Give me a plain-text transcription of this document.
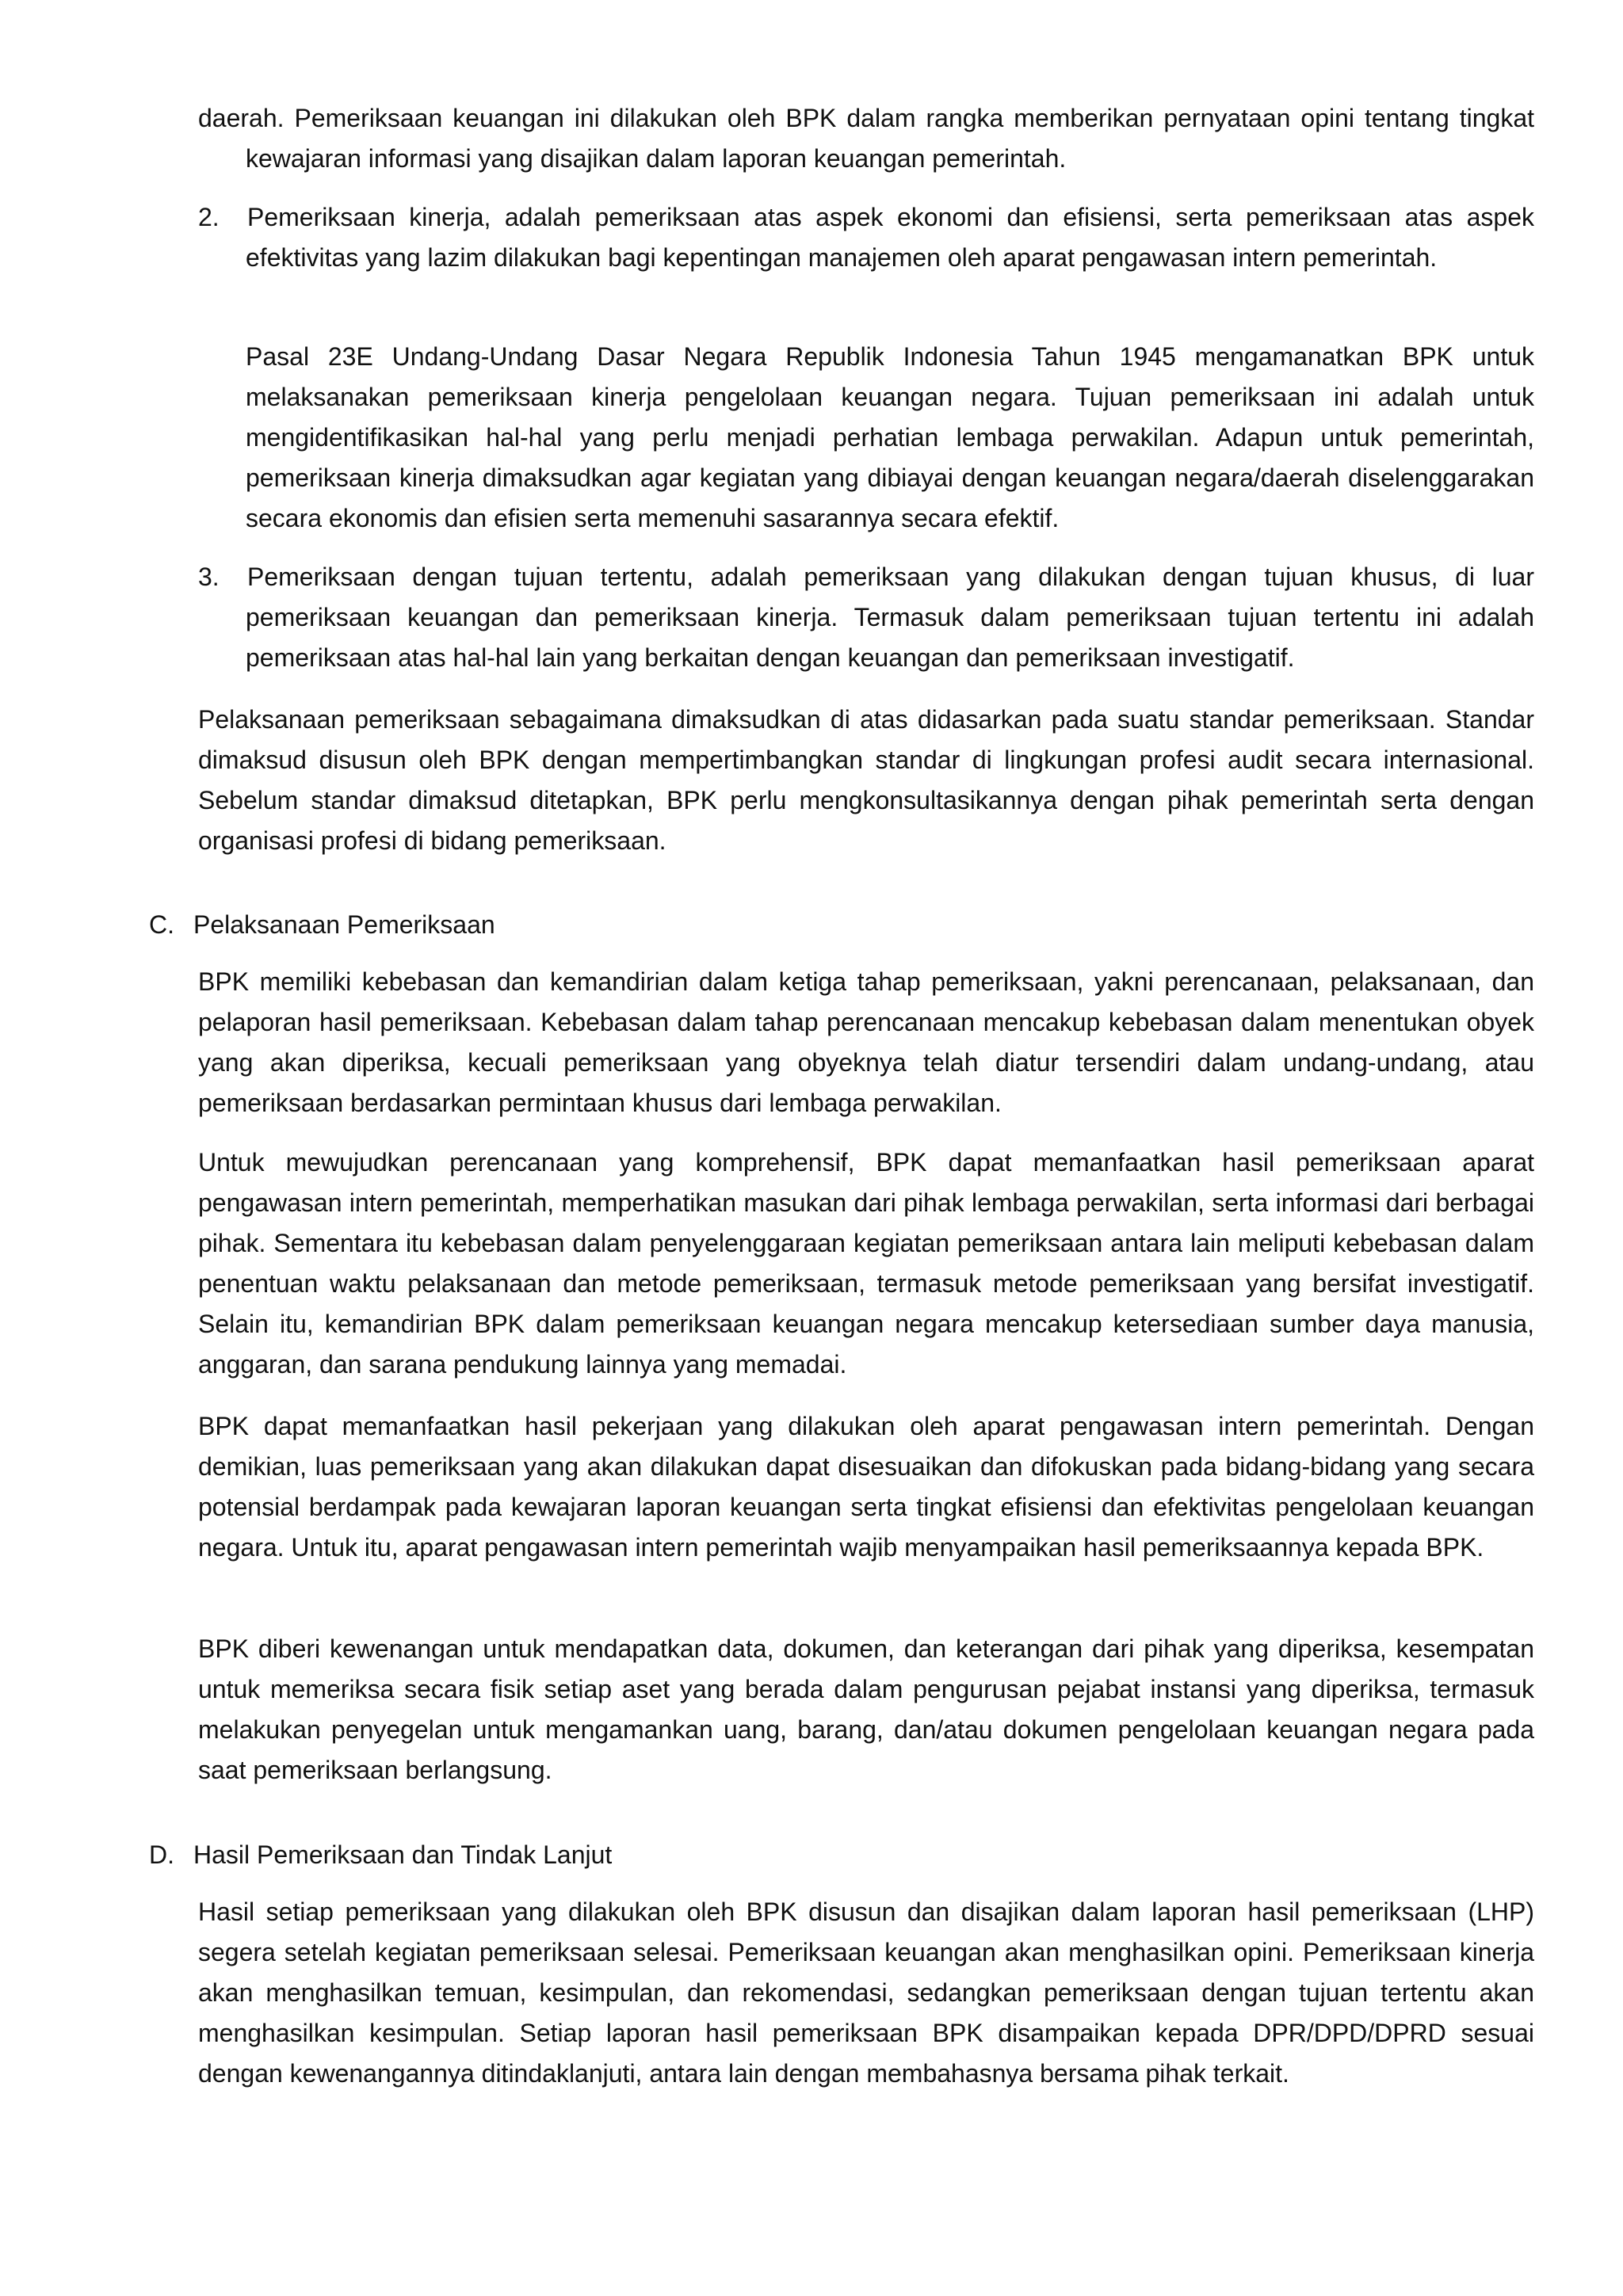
daerah. Pemeriksaan keuangan ini dilakukan oleh BPK dalam rangka memberikan pernyataan opini tentang tingkat kewajaran informasi yang disajikan dalam laporan keuangan pemerintah.

2. Pemeriksaan kinerja, adalah pemeriksaan atas aspek ekonomi dan efisiensi, serta pemeriksaan atas aspek efektivitas yang lazim dilakukan bagi kepentingan manajemen oleh aparat pengawasan intern pemerintah.

Pasal 23E Undang-Undang Dasar Negara Republik Indonesia Tahun 1945 mengamanatkan BPK untuk melaksanakan pemeriksaan kinerja pengelolaan keuangan negara. Tujuan pemeriksaan ini adalah untuk mengidentifikasikan hal-hal yang perlu menjadi perhatian lembaga perwakilan. Adapun untuk pemerintah, pemeriksaan kinerja dimaksudkan agar kegiatan yang dibiayai dengan keuangan negara/daerah diselenggarakan secara ekonomis dan efisien serta memenuhi sasarannya secara efektif.

3. Pemeriksaan dengan tujuan tertentu, adalah pemeriksaan yang dilakukan dengan tujuan khusus, di luar pemeriksaan keuangan dan pemeriksaan kinerja. Termasuk dalam pemeriksaan tujuan tertentu ini adalah pemeriksaan atas hal-hal lain yang berkaitan dengan keuangan dan pemeriksaan investigatif.

Pelaksanaan pemeriksaan sebagaimana dimaksudkan di atas didasarkan pada suatu standar pemeriksaan. Standar dimaksud disusun oleh BPK dengan mempertimbangkan standar di lingkungan profesi audit secara internasional. Sebelum standar dimaksud ditetapkan, BPK perlu mengkonsultasikannya dengan pihak pemerintah serta dengan organisasi profesi di bidang pemeriksaan.

C. Pelaksanaan Pemeriksaan

BPK memiliki kebebasan dan kemandirian dalam ketiga tahap pemeriksaan, yakni perencanaan, pelaksanaan, dan pelaporan hasil pemeriksaan. Kebebasan dalam tahap perencanaan mencakup kebebasan dalam menentukan obyek yang akan diperiksa, kecuali pemeriksaan yang obyeknya telah diatur tersendiri dalam undang-undang, atau pemeriksaan berdasarkan permintaan khusus dari lembaga perwakilan.

Untuk mewujudkan perencanaan yang komprehensif, BPK dapat memanfaatkan hasil pemeriksaan aparat pengawasan intern pemerintah, memperhatikan masukan dari pihak lembaga perwakilan, serta informasi dari berbagai pihak. Sementara itu kebebasan dalam penyelenggaraan kegiatan pemeriksaan antara lain meliputi kebebasan dalam penentuan waktu pelaksanaan dan metode pemeriksaan, termasuk metode pemeriksaan yang bersifat investigatif. Selain itu, kemandirian BPK dalam pemeriksaan keuangan negara mencakup ketersediaan sumber daya manusia, anggaran, dan sarana pendukung lainnya yang memadai.

BPK dapat memanfaatkan hasil pekerjaan yang dilakukan oleh aparat pengawasan intern pemerintah. Dengan demikian, luas pemeriksaan yang akan dilakukan dapat disesuaikan dan difokuskan pada bidang-bidang yang secara potensial berdampak pada kewajaran laporan keuangan serta tingkat efisiensi dan efektivitas pengelolaan keuangan negara. Untuk itu, aparat pengawasan intern pemerintah wajib menyampaikan hasil pemeriksaannya kepada BPK.

BPK diberi kewenangan untuk mendapatkan data, dokumen, dan keterangan dari pihak yang diperiksa, kesempatan untuk memeriksa secara fisik setiap aset yang berada dalam pengurusan pejabat instansi yang diperiksa, termasuk melakukan penyegelan untuk mengamankan uang, barang, dan/atau dokumen pengelolaan keuangan negara pada saat pemeriksaan berlangsung.

D. Hasil Pemeriksaan dan Tindak Lanjut

Hasil setiap pemeriksaan yang dilakukan oleh BPK disusun dan disajikan dalam laporan hasil pemeriksaan (LHP) segera setelah kegiatan pemeriksaan selesai. Pemeriksaan keuangan akan menghasilkan opini. Pemeriksaan kinerja akan menghasilkan temuan, kesimpulan, dan rekomendasi, sedangkan pemeriksaan dengan tujuan tertentu akan menghasilkan kesimpulan. Setiap laporan hasil pemeriksaan BPK disampaikan kepada DPR/DPD/DPRD sesuai dengan kewenangannya ditindaklanjuti, antara lain dengan membahasnya bersama pihak terkait.
